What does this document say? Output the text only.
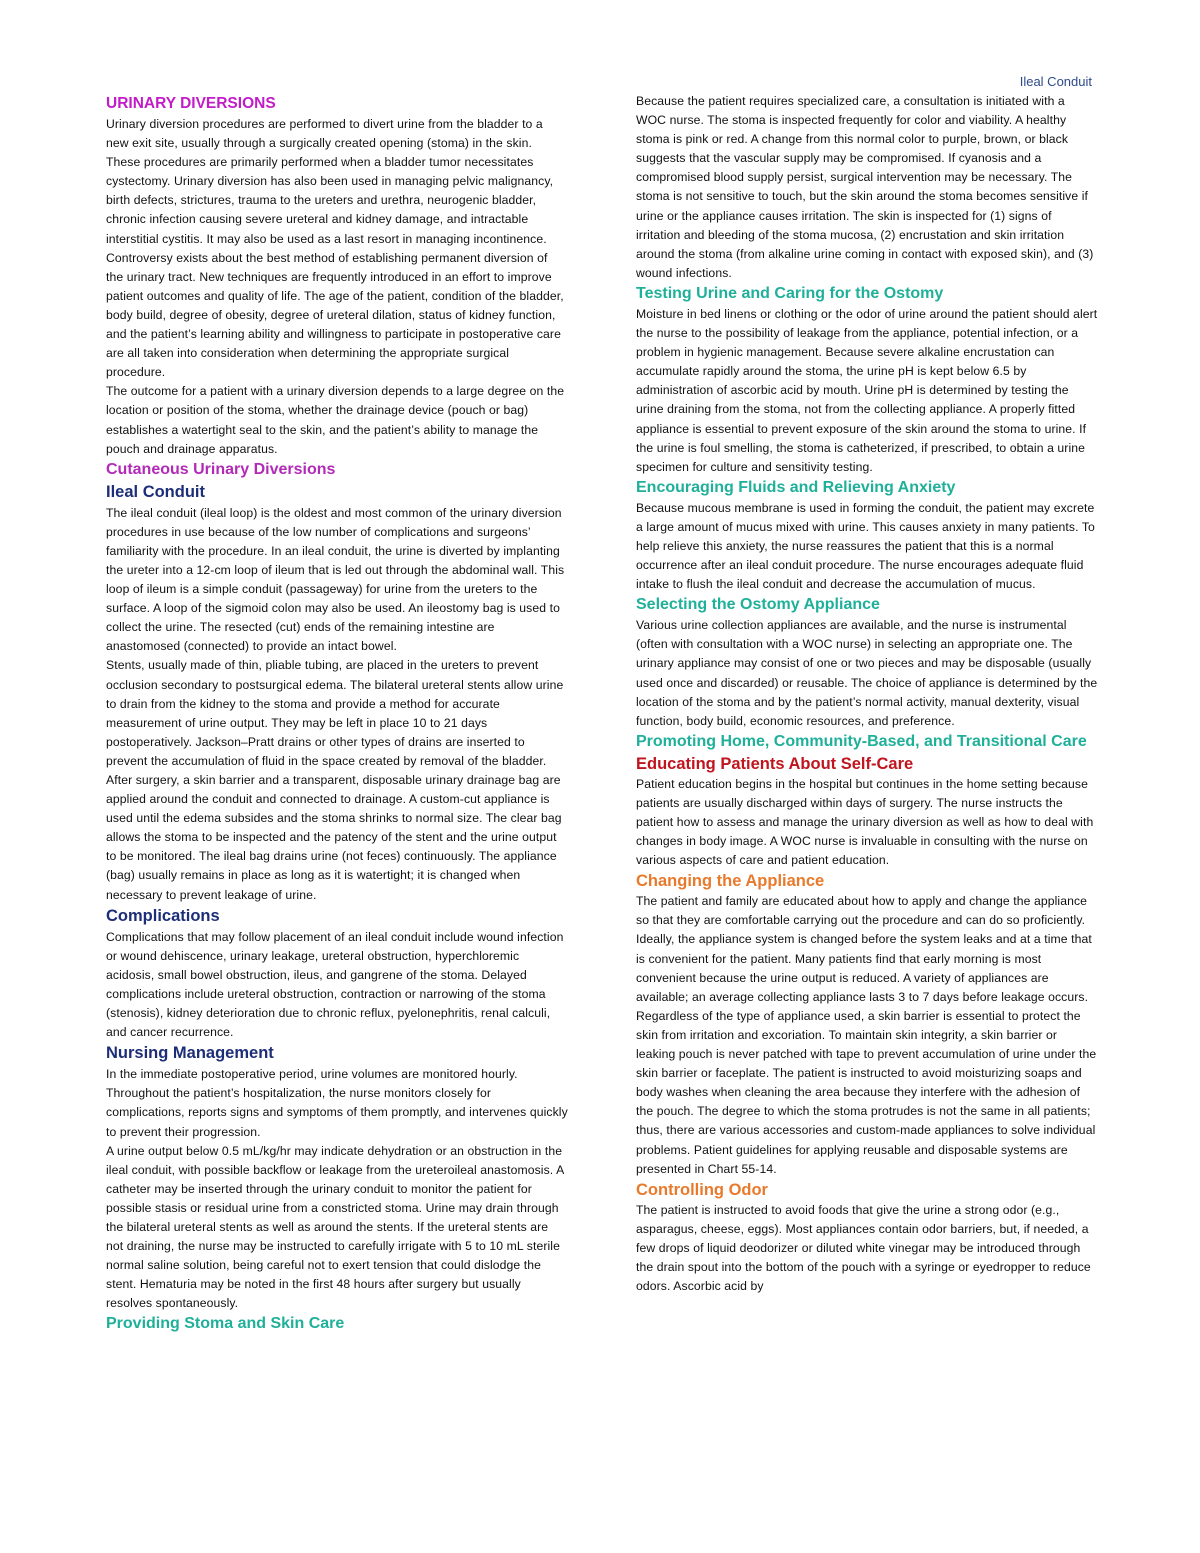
Ileal Conduit
URINARY DIVERSIONS

Urinary diversion procedures are performed to divert urine from the bladder to a new exit site, usually through a surgically created opening (stoma) in the skin. These procedures are primarily performed when a bladder tumor necessitates cystectomy. Urinary diversion has also been used in managing pelvic malignancy, birth defects, strictures, trauma to the ureters and urethra, neurogenic bladder, chronic infection causing severe ureteral and kidney damage, and intractable interstitial cystitis. It may also be used as a last resort in managing incontinence.

Controversy exists about the best method of establishing permanent diversion of the urinary tract. New techniques are frequently introduced in an effort to improve patient outcomes and quality of life. The age of the patient, condition of the bladder, body build, degree of obesity, degree of ureteral dilation, status of kidney function, and the patient’s learning ability and willingness to participate in postoperative care are all taken into consideration when determining the appropriate surgical procedure.

The outcome for a patient with a urinary diversion depends to a large degree on the location or position of the stoma, whether the drainage device (pouch or bag) establishes a watertight seal to the skin, and the patient’s ability to manage the pouch and drainage apparatus.

Cutaneous Urinary Diversions
Ileal Conduit

The ileal conduit (ileal loop) is the oldest and most common of the urinary diversion procedures in use because of the low number of complications and surgeons’ familiarity with the procedure. In an ileal conduit, the urine is diverted by implanting the ureter into a 12-cm loop of ileum that is led out through the abdominal wall. This loop of ileum is a simple conduit (passageway) for urine from the ureters to the surface. A loop of the sigmoid colon may also be used. An ileostomy bag is used to collect the urine. The resected (cut) ends of the remaining intestine are anastomosed (connected) to provide an intact bowel.

Stents, usually made of thin, pliable tubing, are placed in the ureters to prevent occlusion secondary to postsurgical edema. The bilateral ureteral stents allow urine to drain from the kidney to the stoma and provide a method for accurate measurement of urine output. They may be left in place 10 to 21 days postoperatively. Jackson–Pratt drains or other types of drains are inserted to prevent the accumulation of fluid in the space created by removal of the bladder.

After surgery, a skin barrier and a transparent, disposable urinary drainage bag are applied around the conduit and connected to drainage. A custom-cut appliance is used until the edema subsides and the stoma shrinks to normal size. The clear bag allows the stoma to be inspected and the patency of the stent and the urine output to be monitored. The ileal bag drains urine (not feces) continuously. The appliance (bag) usually remains in place as long as it is watertight; it is changed when necessary to prevent leakage of urine.

Complications

Complications that may follow placement of an ileal conduit include wound infection or wound dehiscence, urinary leakage, ureteral obstruction, hyperchloremic acidosis, small bowel obstruction, ileus, and gangrene of the stoma. Delayed complications include ureteral obstruction, contraction or narrowing of the stoma (stenosis), kidney deterioration due to chronic reflux, pyelonephritis, renal calculi, and cancer recurrence.

Nursing Management

In the immediate postoperative period, urine volumes are monitored hourly. Throughout the patient’s hospitalization, the nurse monitors closely for complications, reports signs and symptoms of them promptly, and intervenes quickly to prevent their progression.

A urine output below 0.5 mL/kg/hr may indicate dehydration or an obstruction in the ileal conduit, with possible backflow or leakage from the ureteroileal anastomosis. A catheter may be inserted through the urinary conduit to monitor the patient for possible stasis or residual urine from a constricted stoma. Urine may drain through the bilateral ureteral stents as well as around the stents. If the ureteral stents are not draining, the nurse may be instructed to carefully irrigate with 5 to 10 mL sterile normal saline solution, being careful not to exert tension that could dislodge the stent. Hematuria may be noted in the first 48 hours after surgery but usually resolves spontaneously.

Providing Stoma and Skin Care

Because the patient requires specialized care, a consultation is initiated with a WOC nurse. The stoma is inspected frequently for color and viability. A healthy stoma is pink or red. A change from this normal color to purple, brown, or black suggests that the vascular supply may be compromised. If cyanosis and a compromised blood supply persist, surgical intervention may be necessary. The stoma is not sensitive to touch, but the skin around the stoma becomes sensitive if urine or the appliance causes irritation. The skin is inspected for (1) signs of irritation and bleeding of the stoma mucosa, (2) encrustation and skin irritation around the stoma (from alkaline urine coming in contact with exposed skin), and (3) wound infections.

Testing Urine and Caring for the Ostomy

Moisture in bed linens or clothing or the odor of urine around the patient should alert the nurse to the possibility of leakage from the appliance, potential infection, or a problem in hygienic management. Because severe alkaline encrustation can accumulate rapidly around the stoma, the urine pH is kept below 6.5 by administration of ascorbic acid by mouth. Urine pH is determined by testing the urine draining from the stoma, not from the collecting appliance. A properly fitted appliance is essential to prevent exposure of the skin around the stoma to urine. If the urine is foul smelling, the stoma is catheterized, if prescribed, to obtain a urine specimen for culture and sensitivity testing.

Encouraging Fluids and Relieving Anxiety

Because mucous membrane is used in forming the conduit, the patient may excrete a large amount of mucus mixed with urine. This causes anxiety in many patients. To help relieve this anxiety, the nurse reassures the patient that this is a normal occurrence after an ileal conduit procedure. The nurse encourages adequate fluid intake to flush the ileal conduit and decrease the accumulation of mucus.

Selecting the Ostomy Appliance

Various urine collection appliances are available, and the nurse is instrumental (often with consultation with a WOC nurse) in selecting an appropriate one. The urinary appliance may consist of one or two pieces and may be disposable (usually used once and discarded) or reusable. The choice of appliance is determined by the location of the stoma and by the patient’s normal activity, manual dexterity, visual function, body build, economic resources, and preference.

Promoting Home, Community-Based, and Transitional Care
Educating Patients About Self-Care

Patient education begins in the hospital but continues in the home setting because patients are usually discharged within days of surgery. The nurse instructs the patient how to assess and manage the urinary diversion as well as how to deal with changes in body image. A WOC nurse is invaluable in consulting with the nurse on various aspects of care and patient education.

Changing the Appliance

The patient and family are educated about how to apply and change the appliance so that they are comfortable carrying out the procedure and can do so proficiently. Ideally, the appliance system is changed before the system leaks and at a time that is convenient for the patient. Many patients find that early morning is most convenient because the urine output is reduced. A variety of appliances are available; an average collecting appliance lasts 3 to 7 days before leakage occurs.

Regardless of the type of appliance used, a skin barrier is essential to protect the skin from irritation and excoriation. To maintain skin integrity, a skin barrier or leaking pouch is never patched with tape to prevent accumulation of urine under the skin barrier or faceplate. The patient is instructed to avoid moisturizing soaps and body washes when cleaning the area because they interfere with the adhesion of the pouch. The degree to which the stoma protrudes is not the same in all patients; thus, there are various accessories and custom-made appliances to solve individual problems. Patient guidelines for applying reusable and disposable systems are presented in Chart 55-14.

Controlling Odor

The patient is instructed to avoid foods that give the urine a strong odor (e.g., asparagus, cheese, eggs). Most appliances contain odor barriers, but, if needed, a few drops of liquid deodorizer or diluted white vinegar may be introduced through the drain spout into the bottom of the pouch with a syringe or eyedropper to reduce odors. Ascorbic acid by
